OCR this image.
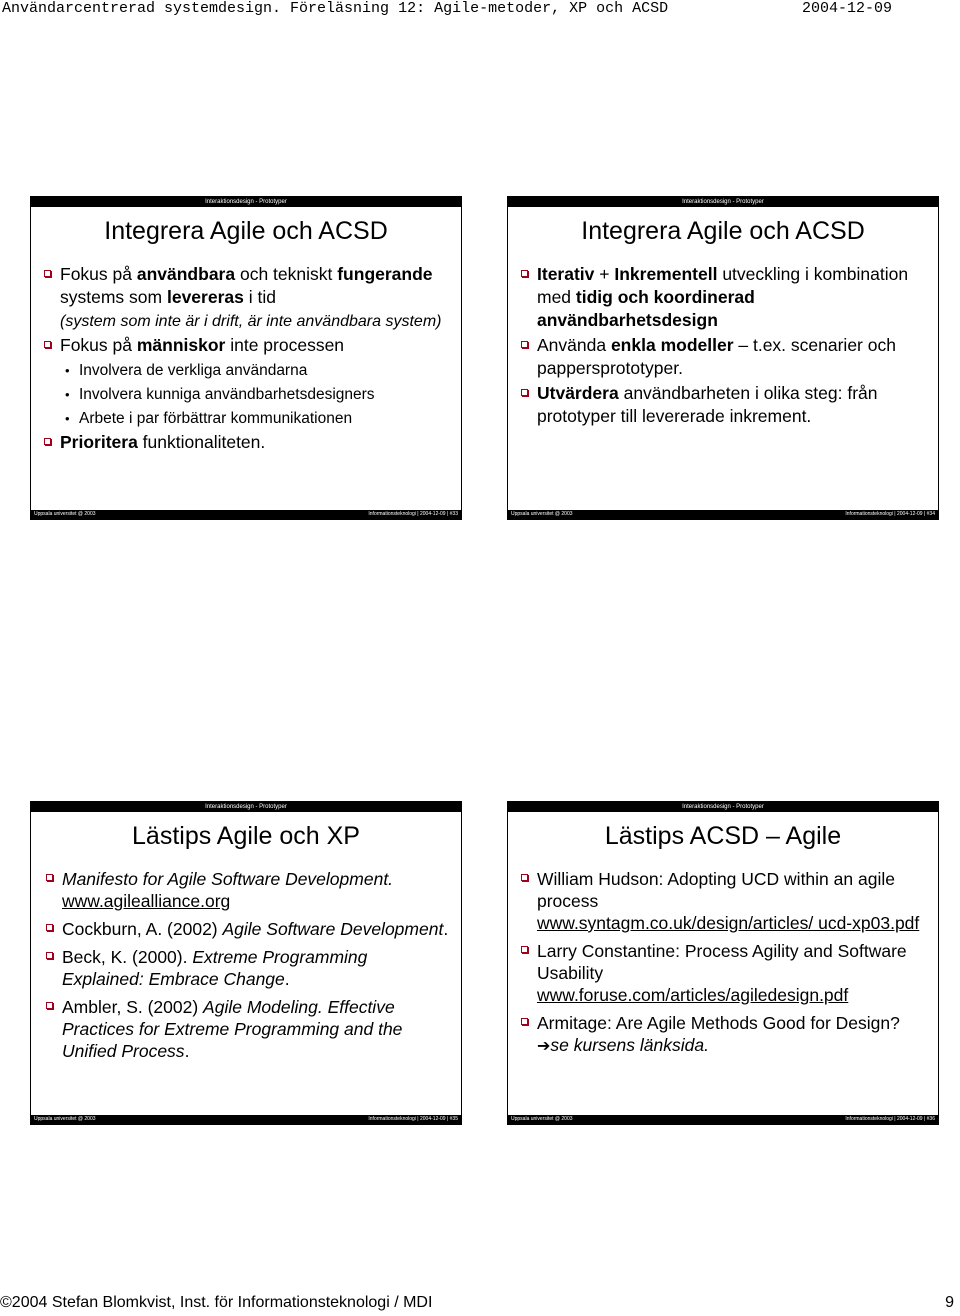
Användarcentrerad systemdesign. Föreläsning 12: Agile-metoder, XP och ACSD	2004-12-09
Interaktionsdesign - Prototyper
Integrera Agile och ACSD
Fokus på användbara och tekniskt fungerande systems som levereras i tid
(system som inte är i drift, är inte användbara system)
Fokus på människor inte processen
• Involvera de verkliga användarna
• Involvera kunniga användbarhetsdesigners
• Arbete i par förbättrar kommunikationen
Prioritera funktionaliteten.
Uppsala universitet @ 2003	Informationsteknologi | 2004-12-09 | #33
Interaktionsdesign - Prototyper
Integrera Agile och ACSD
Iterativ + Inkrementell utveckling i kombination med tidig och koordinerad användbarhetsdesign
Använda enkla modeller – t.ex. scenarier och pappersprototyper.
Utvärdera användbarheten i olika steg: från prototyper till levererade inkrement.
Uppsala universitet @ 2003	Informationsteknologi | 2004-12-09 | #34
Interaktionsdesign - Prototyper
Lästips Agile och XP
Manifesto for Agile Software Development.
www.agilealliance.org
Cockburn, A. (2002) Agile Software Development.
Beck, K. (2000). Extreme Programming Explained: Embrace Change.
Ambler, S. (2002) Agile Modeling. Effective Practices for Extreme Programming and the Unified Process.
Uppsala universitet @ 2003	Informationsteknologi | 2004-12-09 | #35
Interaktionsdesign - Prototyper
Lästips ACSD – Agile
William Hudson: Adopting UCD within an agile process
www.syntagm.co.uk/design/articles/ ucd-xp03.pdf
Larry Constantine: Process Agility and Software Usability
www.foruse.com/articles/agiledesign.pdf
Armitage: Are Agile Methods Good for Design?
➔se kursens länksida.
Uppsala universitet @ 2003	Informationsteknologi | 2004-12-09 | #36
©2004 Stefan Blomkvist, Inst. för Informationsteknologi / MDI	9
